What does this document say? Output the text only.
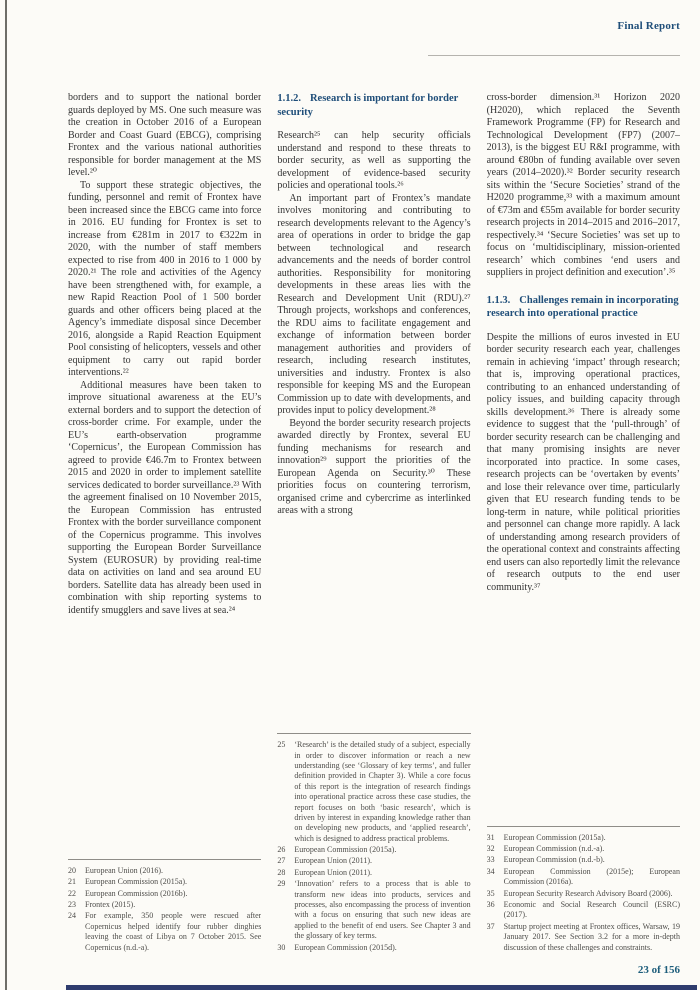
Final Report

borders and to support the national border guards deployed by MS. One such measure was the creation in October 2016 of a European Border and Coast Guard (EBCG), comprising Frontex and the various national authorities responsible for border management at the MS level.²⁰

To support these strategic objectives, the funding, personnel and remit of Frontex have been increased since the EBCG came into force in 2016. EU funding for Frontex is set to increase from €281m in 2017 to €322m in 2020, with the number of staff members expected to rise from 400 in 2016 to 1 000 by 2020.²¹ The role and activities of the Agency have been strengthened with, for example, a new Rapid Reaction Pool of 1 500 border guards and other officers being placed at the Agency’s immediate disposal since December 2016, alongside a Rapid Reaction Equipment Pool consisting of helicopters, vessels and other equipment to carry out rapid border interventions.²²

Additional measures have been taken to improve situational awareness at the EU’s external borders and to support the detection of cross-border crime. For example, under the EU’s earth-observation programme ‘Copernicus’, the European Commission has agreed to provide €46.7m to Frontex between 2015 and 2020 in order to implement satellite services dedicated to border surveillance.²³ With the agreement finalised on 10 November 2015, the European Commission has entrusted Frontex with the border surveillance component of the Copernicus programme. This involves supporting the European Border Surveillance System (EUROSUR) by providing real-time data on activities on land and sea around EU borders. Satellite data has already been used in combination with ship reporting systems to identify smugglers and save lives at sea.²⁴

20	European Union (2016).
21	European Commission (2015a).
22	European Commission (2016b).
23	Frontex (2015).
24	For example, 350 people were rescued after Copernicus helped identify four rubber dinghies leaving the coast of Libya on 7 October 2015. See Copernicus (n.d.-a).
1.1.2. Research is important for border security

Research²⁵ can help security officials understand and respond to these threats to border security, as well as supporting the development of evidence-based security policies and operational tools.²⁶

An important part of Frontex’s mandate involves monitoring and contributing to research developments relevant to the Agency’s area of operations in order to bridge the gap between technological and research advancements and the needs of border control authorities. Responsibility for monitoring developments in these areas lies with the Research and Development Unit (RDU).²⁷ Through projects, workshops and conferences, the RDU aims to facilitate engagement and exchange of information between border management authorities and providers of research, including research institutes, universities and industry. Frontex is also responsible for keeping MS and the European Commission up to date with developments, and provides input to policy development.²⁸

Beyond the border security research projects awarded directly by Frontex, several EU funding mechanisms for research and innovation²⁹ support the priorities of the European Agenda on Security.³⁰ These priorities focus on countering terrorism, organised crime and cybercrime as interlinked areas with a strong

25	‘Research’ is the detailed study of a subject, especially in order to discover information or reach a new understanding (see ‘Glossary of key terms’, and fuller definition provided in Chapter 3). While a core focus of this report is the integration of research findings into operational practice across these case studies, the report focuses on both ‘basic research’, which is driven by interest in expanding knowledge rather than on developing new products, and ‘applied research’, which is designed to address practical problems.
26	European Commission (2015a).
27	European Union (2011).
28	European Union (2011).
29	‘Innovation’ refers to a process that is able to transform new ideas into products, services and processes, also encompassing the process of invention with a focus on ensuring that such new ideas are applied to the benefit of end users. See Chapter 3 and the glossary of key terms.
30	European Commission (2015d).

cross-border dimension.³¹ Horizon 2020 (H2020), which replaced the Seventh Framework Programme (FP) for Research and Technological Development (FP7) (2007–2013), is the biggest EU R&I programme, with around €80bn of funding available over seven years (2014–2020).³² Border security research sits within the ‘Secure Societies’ strand of the H2020 programme,³³ with a maximum amount of €73m and €55m available for border security research projects in 2014–2015 and 2016–2017, respectively.³⁴ ‘Secure Societies’ was set up to focus on ‘multidisciplinary, mission-oriented research’ which combines ‘end users and suppliers in project definition and execution’.³⁵

1.1.3. Challenges remain in incorporating research into operational practice

Despite the millions of euros invested in EU border security research each year, challenges remain in achieving ‘impact’ through research; that is, improving operational practices, contributing to an enhanced understanding of policy issues, and building capacity through skills development.³⁶ There is already some evidence to suggest that the ‘pull-through’ of border security research can be challenging and that many promising insights are never incorporated into practice. In some cases, research projects can be ‘overtaken by events’ and lose their relevance over time, particularly given that EU research funding tends to be long-term in nature, while political priorities and personnel can change more rapidly. A lack of understanding among research providers of the operational context and constraints affecting end users can also reportedly limit the relevance of research outputs to the end user community.³⁷

31	European Commission (2015a).
32	European Commission (n.d.-a).
33	European Commission (n.d.-b).
34	European Commission (2015e); European Commission (2016a).
35	European Security Research Advisory Board (2006).
36	Economic and Social Research Council (ESRC) (2017).
37	Startup project meeting at Frontex offices, Warsaw, 19 January 2017. See Section 3.2 for a more in-depth discussion of these challenges and constraints.
23 of 156
